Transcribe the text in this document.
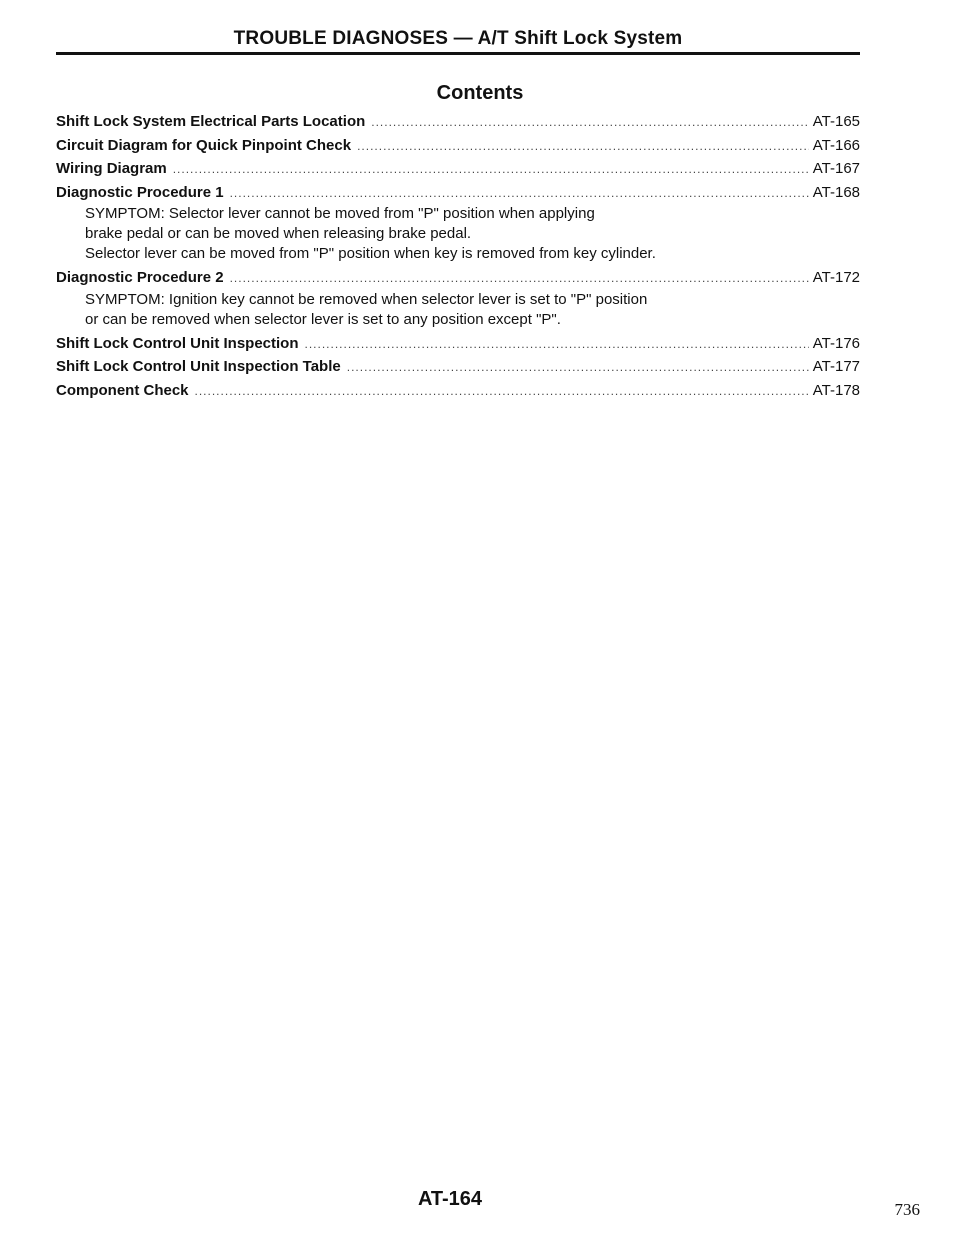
TROUBLE DIAGNOSES — A/T Shift Lock System
Contents
Shift Lock System Electrical Parts Location .....	AT-165
Circuit Diagram for Quick Pinpoint Check .....	AT-166
Wiring Diagram .....	AT-167
Diagnostic Procedure 1 .....	AT-168
SYMPTOM: Selector lever cannot be moved from "P" position when applying
brake pedal or can be moved when releasing brake pedal.
Selector lever can be moved from "P" position when key is removed from key cylinder.
Diagnostic Procedure 2 .....	AT-172
SYMPTOM: Ignition key cannot be removed when selector lever is set to "P" position
or can be removed when selector lever is set to any position except "P".
Shift Lock Control Unit Inspection .....	AT-176
Shift Lock Control Unit Inspection Table .....	AT-177
Component Check .....	AT-178
AT-164	736
